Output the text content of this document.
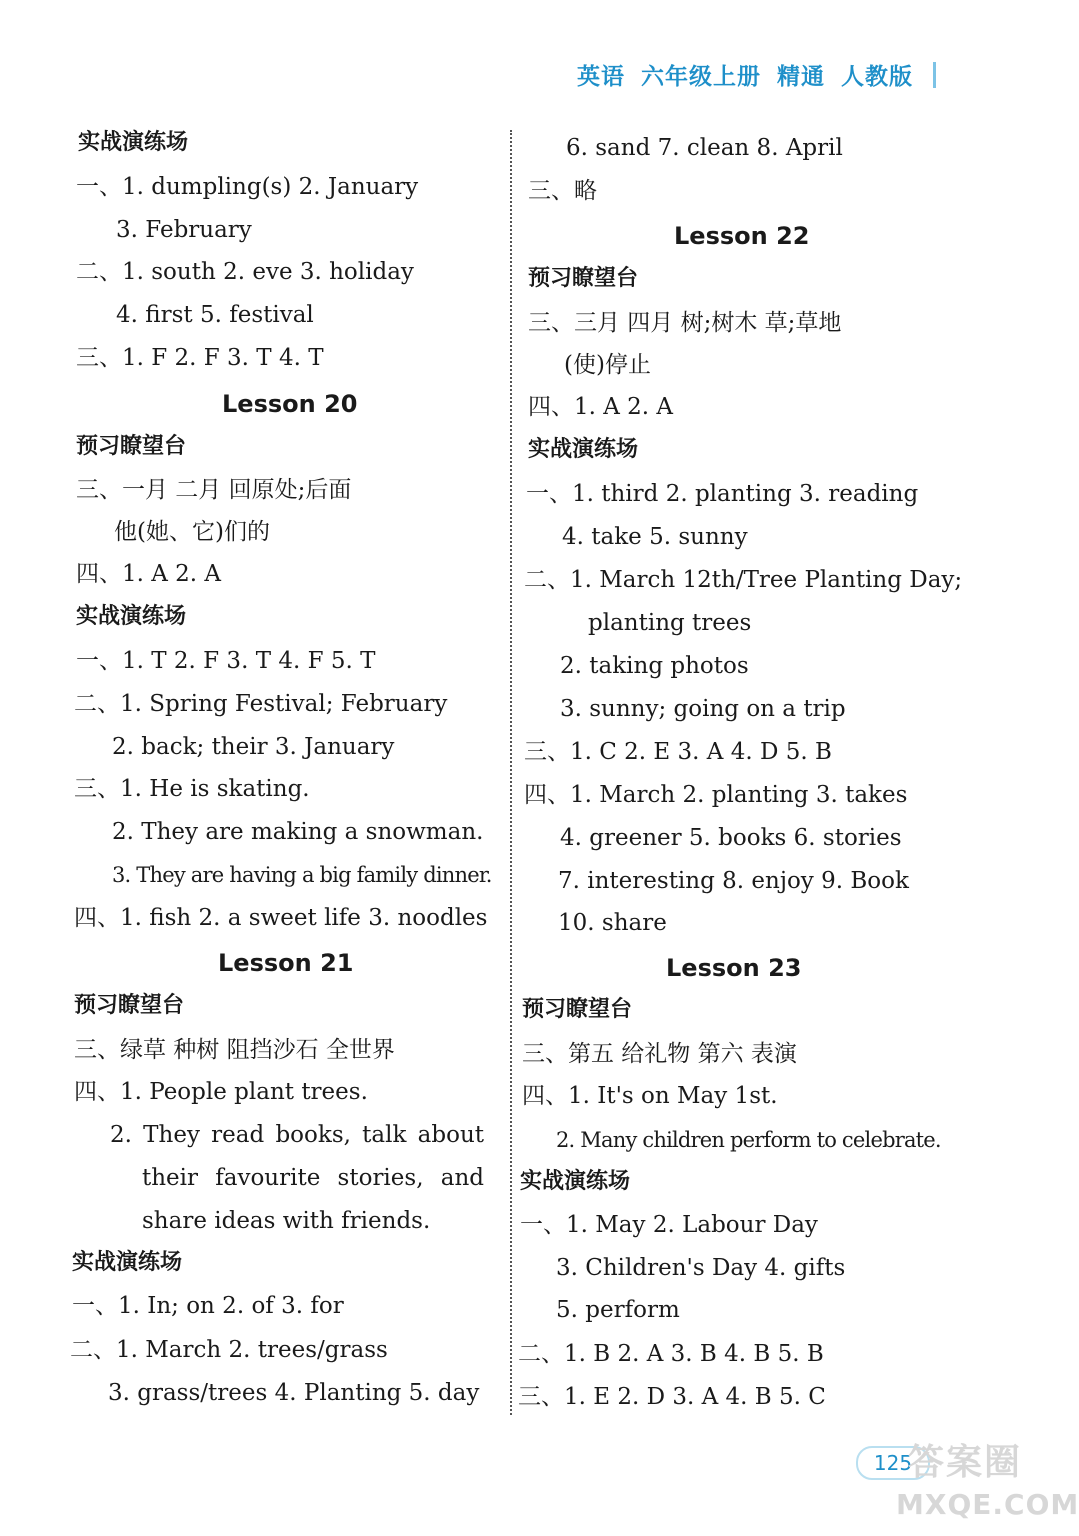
英语 六年级上册 精通 人教版
实战演练场
一、1. dumpling(s) 2. January
3. February
二、1. south 2. eve 3. holiday
4. first 5. festival
三、1. F 2. F 3. T 4. T
Lesson 20
预习瞭望台
三、一月 二月 回原处;后面
他(她、它)们的
四、1. A 2. A
实战演练场
一、1. T 2. F 3. T 4. F 5. T
二、1. Spring Festival; February
2. back; their 3. January
三、1. He is skating.
2. They are making a snowman.
3. They are having a big family dinner.
四、1. fish 2. a sweet life 3. noodles
Lesson 21
预习瞭望台
三、绿草 种树 阻挡沙石 全世界
四、1. People plant trees.
2. They read books, talk about
their favourite stories, and
share ideas with friends.
实战演练场
一、1. In; on 2. of 3. for
二、1. March 2. trees/grass
3. grass/trees 4. Planting 5. day
6. sand 7. clean 8. April
三、略
Lesson 22
预习瞭望台
三、三月 四月 树;树木 草;草地
(使)停止
四、1. A 2. A
实战演练场
一、1. third 2. planting 3. reading
4. take 5. sunny
二、1. March 12th/Tree Planting Day;
planting trees
2. taking photos
3. sunny; going on a trip
三、1. C 2. E 3. A 4. D 5. B
四、1. March 2. planting 3. takes
4. greener 5. books 6. stories
7. interesting 8. enjoy 9. Book
10. share
Lesson 23
预习瞭望台
三、第五 给礼物 第六 表演
四、1. It's on May 1st.
2. Many children perform to celebrate.
实战演练场
一、1. May 2. Labour Day
3. Children's Day 4. gifts
5. perform
二、1. B 2. A 3. B 4. B 5. B
三、1. E 2. D 3. A 4. B 5. C
125
答案圈
MXQE.COM
